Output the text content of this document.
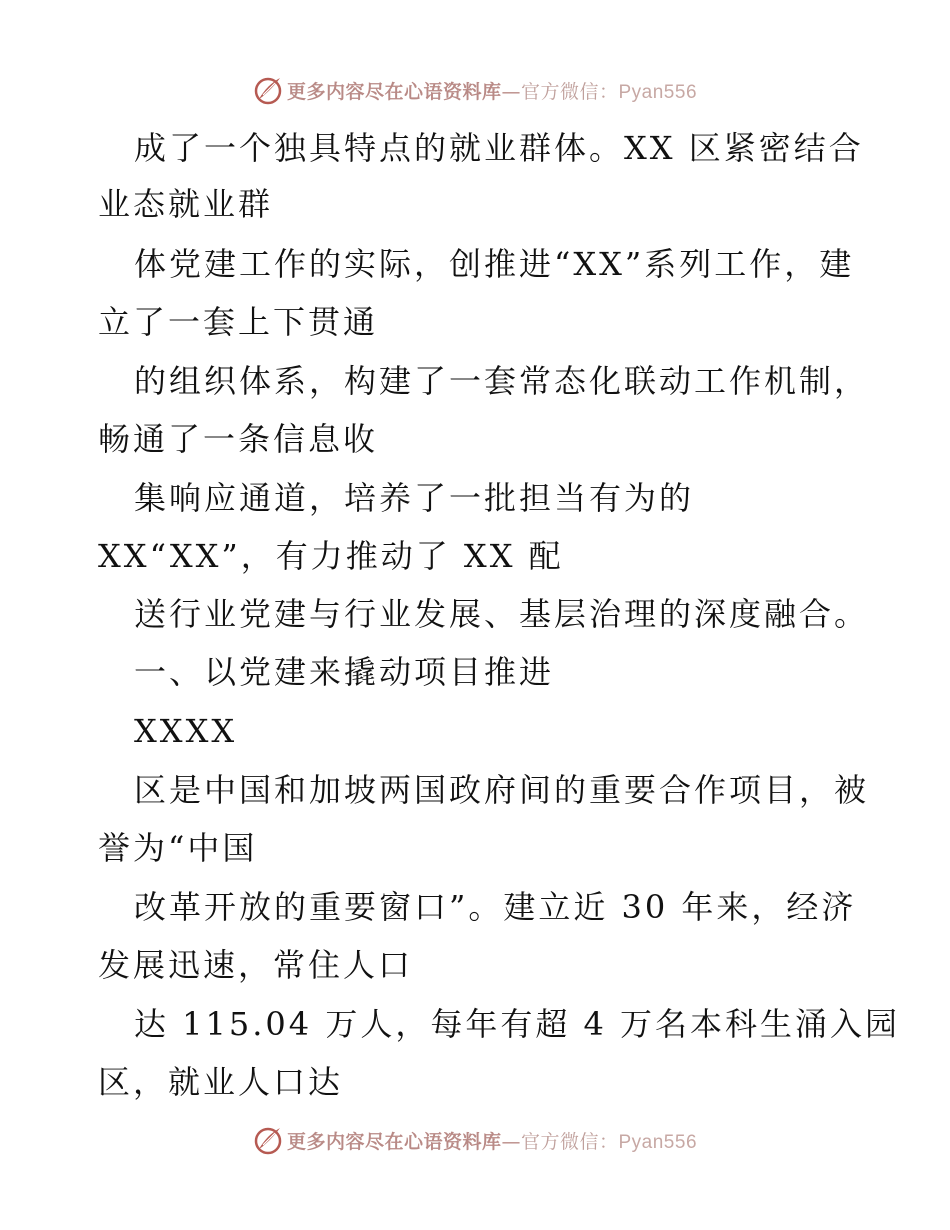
更多内容尽在心语资料库—官方微信：Pyan556
成了一个独具特点的就业群体。XX 区紧密结合
业态就业群
体党建工作的实际，创推进“XX”系列工作，建
立了一套上下贯通
的组织体系，构建了一套常态化联动工作机制，
畅通了一条信息收
集响应通道，培养了一批担当有为的
XX“XX”，有力推动了 XX 配
送行业党建与行业发展、基层治理的深度融合。
一、以党建来撬动项目推进
XXXX
区是中国和加坡两国政府间的重要合作项目，被
誉为“中国
改革开放的重要窗口”。建立近 30 年来，经济
发展迅速，常住人口
达 115.04 万人，每年有超 4 万名本科生涌入园
区，就业人口达
更多内容尽在心语资料库—官方微信：Pyan556
